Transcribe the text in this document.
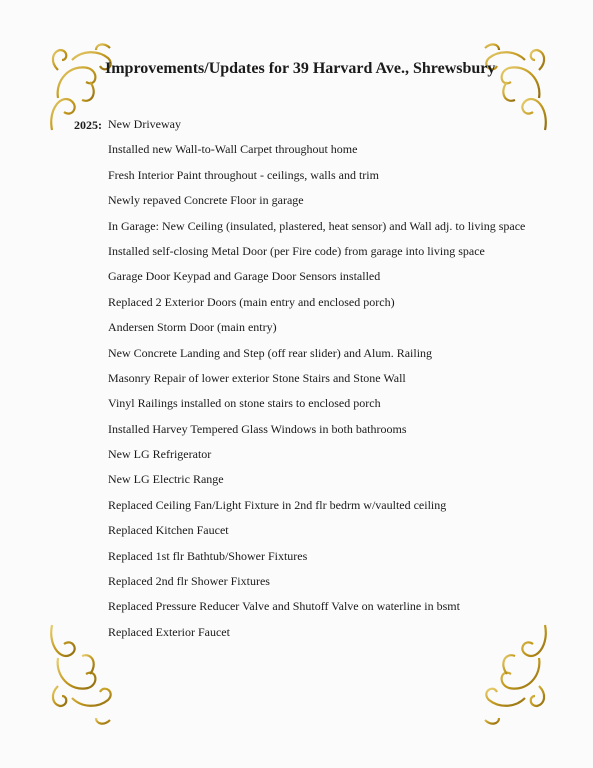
Improvements/Updates for 39 Harvard Ave., Shrewsbury
2025: New Driveway
Installed new Wall-to-Wall Carpet throughout home
Fresh Interior Paint throughout - ceilings, walls and trim
Newly repaved Concrete Floor in garage
In Garage: New Ceiling (insulated, plastered, heat sensor) and Wall adj. to living space
Installed self-closing Metal Door (per Fire code) from garage into living space
Garage Door Keypad and Garage Door Sensors installed
Replaced 2 Exterior Doors (main entry and enclosed porch)
Andersen Storm Door (main entry)
New Concrete Landing and Step (off rear slider) and Alum. Railing
Masonry Repair of lower exterior Stone Stairs and Stone Wall
Vinyl Railings installed on stone stairs to enclosed porch
Installed Harvey Tempered Glass Windows in both bathrooms
New LG Refrigerator
New LG Electric Range
Replaced Ceiling Fan/Light Fixture in 2nd flr bedrm w/vaulted ceiling
Replaced Kitchen Faucet
Replaced 1st flr Bathtub/Shower Fixtures
Replaced 2nd flr Shower Fixtures
Replaced Pressure Reducer Valve and Shutoff Valve on waterline in bsmt
Replaced Exterior Faucet
